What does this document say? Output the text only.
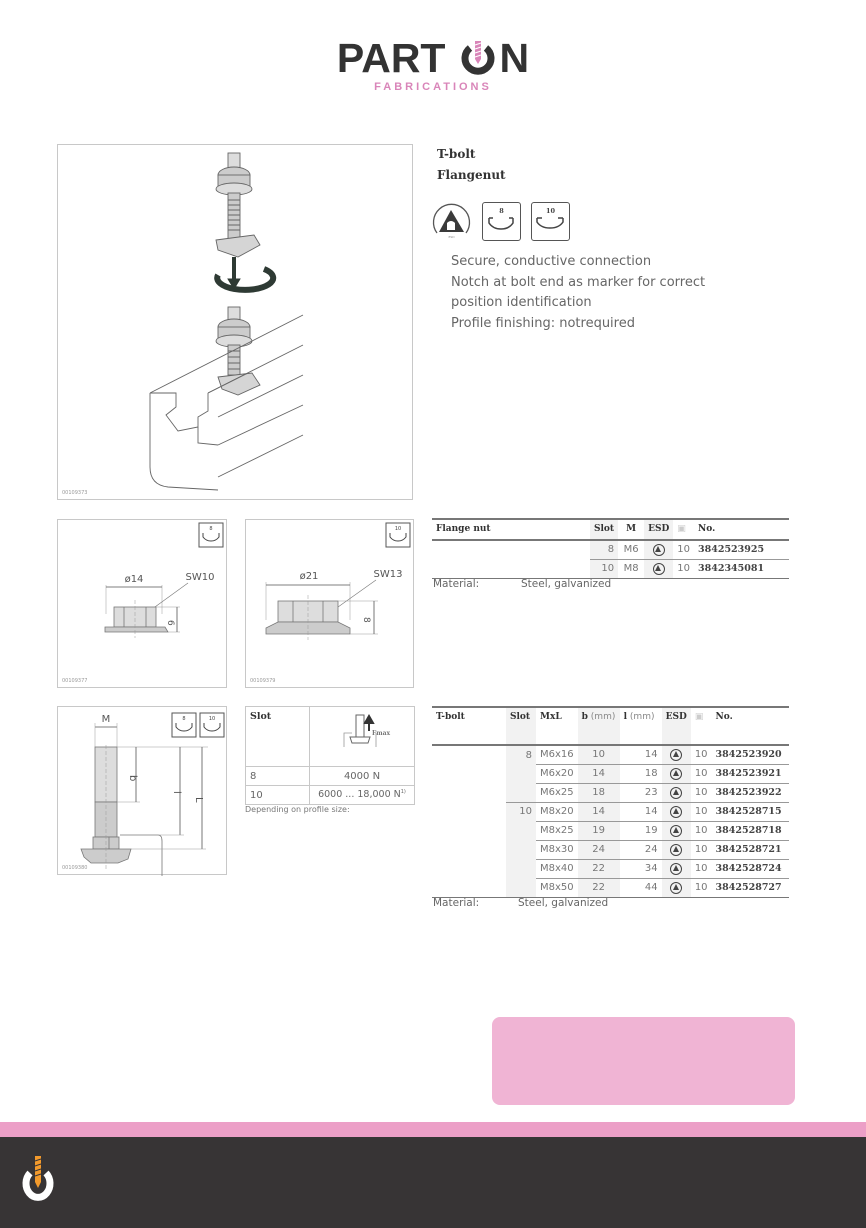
PART N
FABRICATIONS
00109373
T-bolt
Flangenut
ESD
8	10
Secure, conductive connection
Notch at bolt end as marker for correct
position identification
Profile finishing: notrequired
8
ø14	SW10
6
00109377
10
ø21	SW13
8
00109379
8	10
M
b
l
L
00109380
Slot	Fmax

8	4000 N
10	6000 ... 18,000 $N^{1)}$
Depending on profile size:
Flange nut	Slot	M	ESD	▣	No.
	8	M6		10	3842523925
	10	M8		10	3842345081
Material:	Steel, galvanized
T-bolt	Slot	MxL	b (mm)	l (mm)	ESD	▣	No.
	8	M6x16	10	14		10	3842523920
		M6x20	14	18		10	3842523921
		M6x25	18	23		10	3842523922
	10	M8x20	14	14		10	3842528715
		M8x25	19	19		10	3842528718
		M8x30	24	24		10	3842528721
		M8x40	22	34		10	3842528724
		M8x50	22	44		10	3842528727
Material:	Steel, galvanized
